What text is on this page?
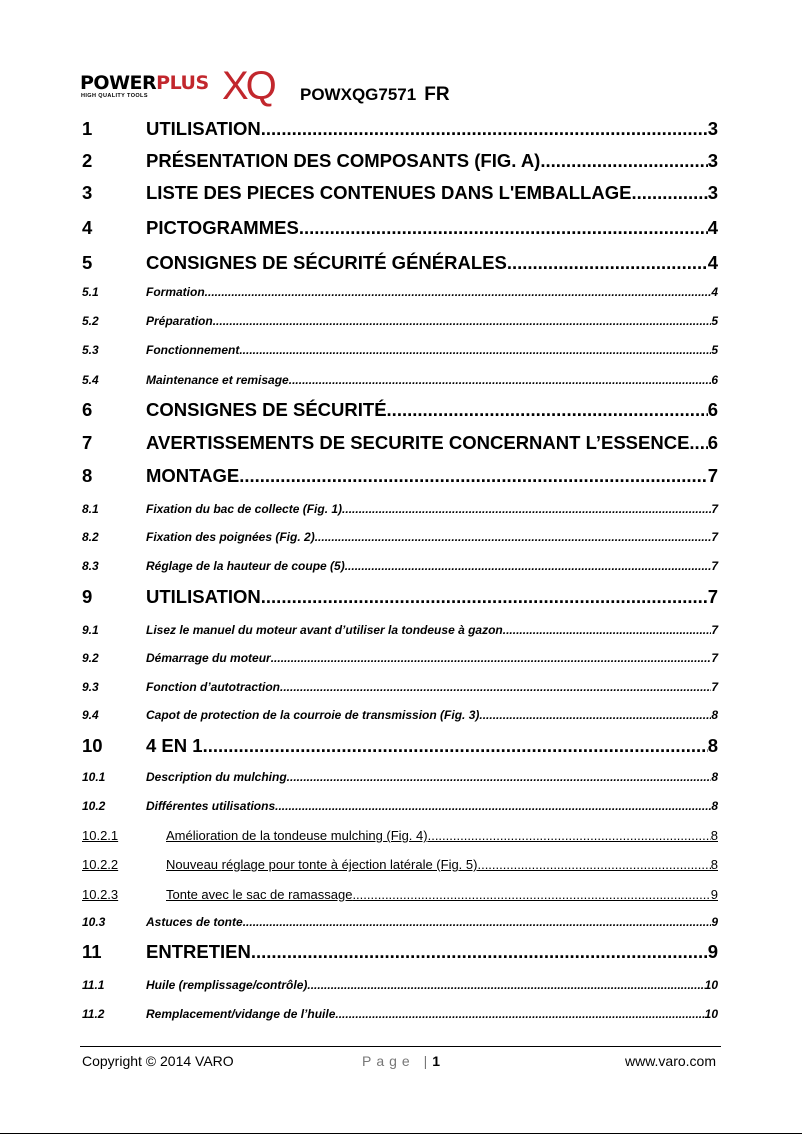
POWERPLUS
HIGH QUALITY TOOLS XQ POWXQG7571 FR
1	UTILISATION .....	3
2	PRÉSENTATION DES COMPOSANTS (FIG. A) .....	3
3	LISTE DES PIECES CONTENUES DANS L'EMBALLAGE .....	3
4	PICTOGRAMMES .....	4
5	CONSIGNES DE SÉCURITÉ GÉNÉRALES .....	4
5.1	Formation .....	4
5.2	Préparation .....	5
5.3	Fonctionnement .....	5
5.4	Maintenance et remisage .....	6
6	CONSIGNES DE SÉCURITÉ .....	6
7	AVERTISSEMENTS DE SECURITE CONCERNANT L’ESSENCE ..... 6
8	MONTAGE .....	7
8.1	Fixation du bac de collecte (Fig. 1) .....	7
8.2	Fixation des poignées (Fig. 2) .....	7
8.3	Réglage de la hauteur de coupe (5) .....	7
9	UTILISATION .....	7
9.1	Lisez le manuel du moteur avant d’utiliser la tondeuse à gazon. .....	7
9.2	Démarrage du moteur .....	7
9.3	Fonction d’autotraction .....	7
9.4	Capot de protection de la courroie de transmission (Fig. 3) .....	8
10	4 EN 1 .....	8
10.1	Description du mulching .....	8
10.2	Différentes utilisations .....	8
10.2.1	Amélioration de la tondeuse mulching (Fig. 4) .....	8
10.2.2	Nouveau réglage pour tonte à éjection latérale (Fig. 5) .....	8
10.2.3	Tonte avec le sac de ramassage .....	9
10.3	Astuces de tonte .....	9
11	ENTRETIEN .....	9
11.1	Huile (remplissage/contrôle) .....	10
11.2	Remplacement/vidange de l’huile .....	10
Copyright © 2014 VARO	Page |1	www.varo.com
